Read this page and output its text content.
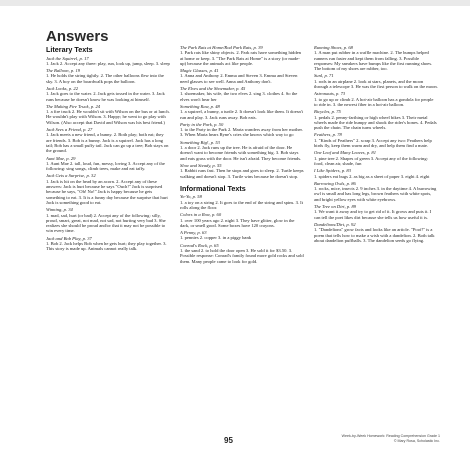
Answers
Literary Texts
Jack the Squirrel, p. 17
1. Jack 2. Accept any three: play, run, look up, jump, sleep. 3. sleep
The Balloon, p. 19
1. He holds the string tightly. 2. The other balloons flew into the sky. 3. A boy on the boardwalk pops the balloon.
Jack Looks, p. 22
1. Jack goes to the water. 2. Jack gets tossed in the water. 3. Jack runs because he doesn't know he was looking at himself.
The Making Fire Truck, p. 24
1. a fire truck 2. He wouldn't sit with Wilson on the bus or at lunch. He wouldn't play with Wilson. 3. Happy; he went to go play with Wilson. (Also accept that David and Wilson was his best friend.)
Jack Sees a Friend, p. 27
1. Jack meets a new friend, a bunny. 2. Both play; both eat; they are friends. 3. Bob is a bunny. Jack is a squirrel. Jack has a long tail; Bob has a small puffy tail. Jack can go up a tree; Bob stays on the ground.
Aunt Mae, p. 29
1. Aunt Mae 2. tall, loud, fun, messy, loving 3. Accept any of the following: sing songs, climb trees, make and eat taffy.
Jack Gets a Surprise, p. 32
1. Jack is hit on the head by an acorn. 2. Accept any of these answers: Jack is hurt because he says "Ouch!" Jack is surprised because he says, "Oh! No!" Jack is happy because he gets something to eat. 3. It is a funny day because the surprise that hurt Jack is something good to eat.
Winning, p. 34
1. mad, sad, hurt (or bad) 2. Accept any of the following: silly, proud, smart, great, not mad, not sad, not hurting very bad 3. She realizes she should be proud and/or that it may not be possible to win every time.
Jack and Bob Play, p. 37
1. Bob 2. Jack helps Bob when he gets hurt; they play together. 3. This story is made up. Animals cannot really talk.
The Park Rats at Home/Rod Park Rats, p. 39
1. Park rats like shiny objects. 2. Park rats have something hidden at home or keep. 3. "The Park Rats at Home" is a story (or made-up) because the animals act like people.
Magic Glasses, p. 41
1. Anna and Anthony 2. Emma and Steven 3. Emma and Steven need glasses to see well. Anna and Anthony don't.
The Elves and the Shoemaker, p. 45
1. shoemaker, his wife, the two elves 2. sing 3. clothes 4. So the elves won't hear her
Something Raw, p. 48
1. a squirrel, a bunny, a turtle 2. It doesn't look like them. It doesn't run and play. 3. Jack runs away. Bob eats.
Party in the Park, p. 50
1. to the Party in the Park 2. Maria wanders away from her mother. 3. When Maria hears Ryne's cries she knows which way to go
Something Big!, p. 53
1. a door 2. Jack runs up the tree. He is afraid of the door. He doesn't want to become friends with something big. 3. Bob stays and eats grass with the door. He isn't afraid. They become friends.
Slow and Steady, p. 55
1. Rabbit runs fast. Then he stops and goes to sleep. 2. Turtle keeps walking and doesn't stop. 3. Turtle wins because he doesn't stop.
Informational Texts
Yo-Yo, p. 58
1. a toy on a string 2. It goes to the end of the string and spins. 3. It rolls along the floor.
Colors in a Row, p. 60
1. over 100 years ago 2. night 3. They have glitter, glow in the dark, or smell good. Some boxes have 120 crayons.
A Penny, p. 63
1. pennies 2. copper 3. in a piggy bank
Conrad's Rock, p. 65
1. the sand 2. to hold the door open 3. He sold it for $3.50. 3. Possible response: Conrad's family found more gold rocks and sold them. Many people came to look for gold.
Running Shoes, p. 68
1. A man put rubber in a waffle machine. 2. The bumps helped runners run faster and kept them from falling. 3. Possible responses: My sneakers have bumps like the first running shoes. The bottom of my shoes are rubber, too.
Sunl, p. 71
1. rods in an airplane 2. look at stars, planets, and the moon through a telescope 3. He was the first person to walk on the moon.
Astronauts, p. 73
1. to go up or climb 2. A hot-air balloon has a gondola for people to ride in. 3. the newest fiber in a hot-air balloon.
Bicycles, p. 75
1. pedals 2. penny-farthing or high wheel bikes 3. Their metal wheels made the ride bumpy and shook the rider's bones. 4. Pedals push the chain. The chain turns wheels.
Feathers, p. 78
1. "Kinds of Feathers" 2. scrap 3. Accept any two: Feathers help birds fly, keep them warm and dry, and help them find a mate.
One Leaf and Many Leaves, p. 81
1. pine tree 2. Shapes of green 3. Accept any of the following: food, clean air, shade, fun
I Like Spiders, p. 83
1. spiders eat bugs 2. as big as a sheet of paper 3. eight 4. eight
Burrowing Owls, p. 86
1. rocks, mice, insects 2. 9 inches 3. in the daytime 4. A burrowing owl is small and has long legs, brown feathers with white spots, and bright yellow eyes with white eyebrows.
The Tree on Dirt, p. 89
1. We want it away and try to get rid of it. It grows and puts it. I can tell the poet likes dirt because she tells us how useful it is.
Dandelions/Dirt, p. 92
1. "Dandelions" grow facts and looks like an article. "Poof!" is a poem that tells how to make a wish with a dandelion. 2. Both talk about dandelion puffballs. 3. The dandelion seeds go flying.
95	Week-by-Week Homework: Reading Comprehension Grade 1
© Mary Rosa, Scholastic Inc.
